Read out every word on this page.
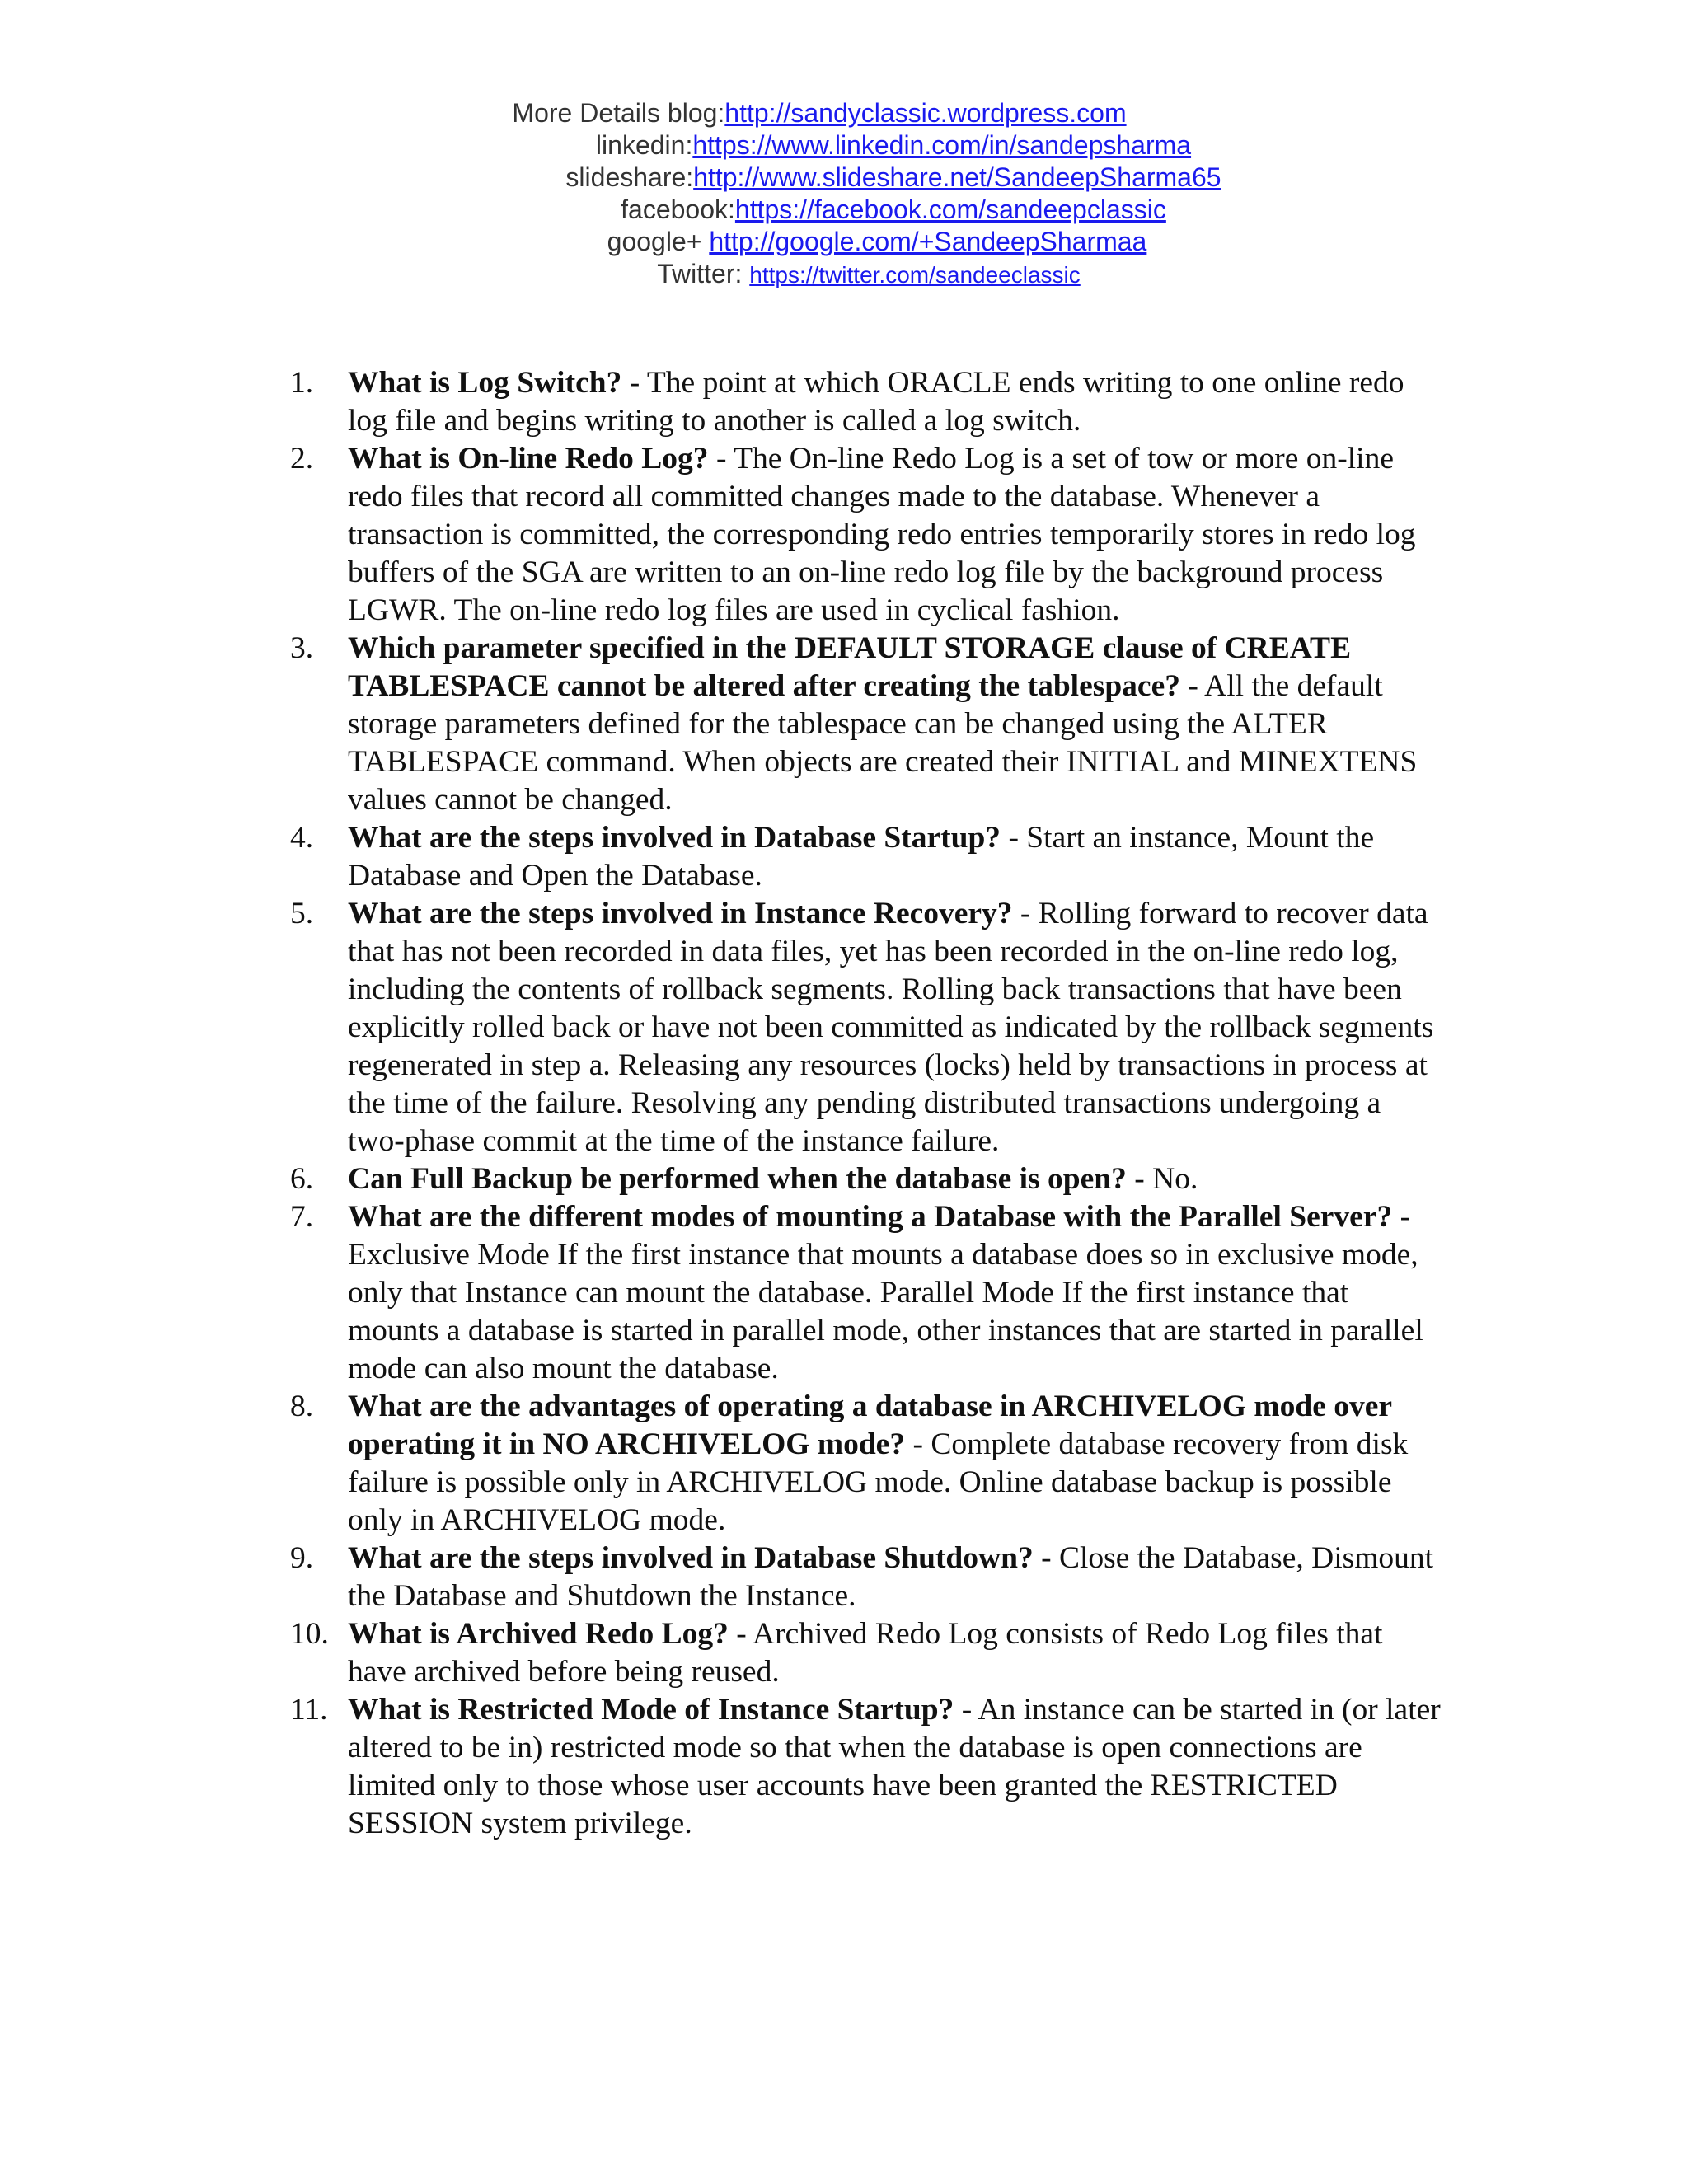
More Details blog:http://sandyclassic.wordpress.com
linkedin:https://www.linkedin.com/in/sandepsharma
slideshare:http://www.slideshare.net/SandeepSharma65
facebook:https://facebook.com/sandeepclassic
google+ http://google.com/+SandeepSharmaa
Twitter: https://twitter.com/sandeeclassic
1.	What is Log Switch? - The point at which ORACLE ends writing to one online redo log file and begins writing to another is called a log switch.
2.	What is On-line Redo Log? - The On-line Redo Log is a set of tow or more on-line redo files that record all committed changes made to the database. Whenever a transaction is committed, the corresponding redo entries temporarily stores in redo log buffers of the SGA are written to an on-line redo log file by the background process LGWR. The on-line redo log files are used in cyclical fashion.
3.	Which parameter specified in the DEFAULT STORAGE clause of CREATE TABLESPACE cannot be altered after creating the tablespace? - All the default storage parameters defined for the tablespace can be changed using the ALTER TABLESPACE command. When objects are created their INITIAL and MINEXTENS values cannot be changed.
4.	What are the steps involved in Database Startup? - Start an instance, Mount the Database and Open the Database.
5.	What are the steps involved in Instance Recovery? - Rolling forward to recover data that has not been recorded in data files, yet has been recorded in the on-line redo log, including the contents of rollback segments. Rolling back transactions that have been explicitly rolled back or have not been committed as indicated by the rollback segments regenerated in step a. Releasing any resources (locks) held by transactions in process at the time of the failure. Resolving any pending distributed transactions undergoing a two-phase commit at the time of the instance failure.
6.	Can Full Backup be performed when the database is open? - No.
7.	What are the different modes of mounting a Database with the Parallel Server? - Exclusive Mode If the first instance that mounts a database does so in exclusive mode, only that Instance can mount the database. Parallel Mode If the first instance that mounts a database is started in parallel mode, other instances that are started in parallel mode can also mount the database.
8.	What are the advantages of operating a database in ARCHIVELOG mode over operating it in NO ARCHIVELOG mode? - Complete database recovery from disk failure is possible only in ARCHIVELOG mode. Online database backup is possible only in ARCHIVELOG mode.
9.	What are the steps involved in Database Shutdown? - Close the Database, Dismount the Database and Shutdown the Instance.
10. What is Archived Redo Log? - Archived Redo Log consists of Redo Log files that have archived before being reused.
11. What is Restricted Mode of Instance Startup? - An instance can be started in (or later altered to be in) restricted mode so that when the database is open connections are limited only to those whose user accounts have been granted the RESTRICTED SESSION system privilege.
